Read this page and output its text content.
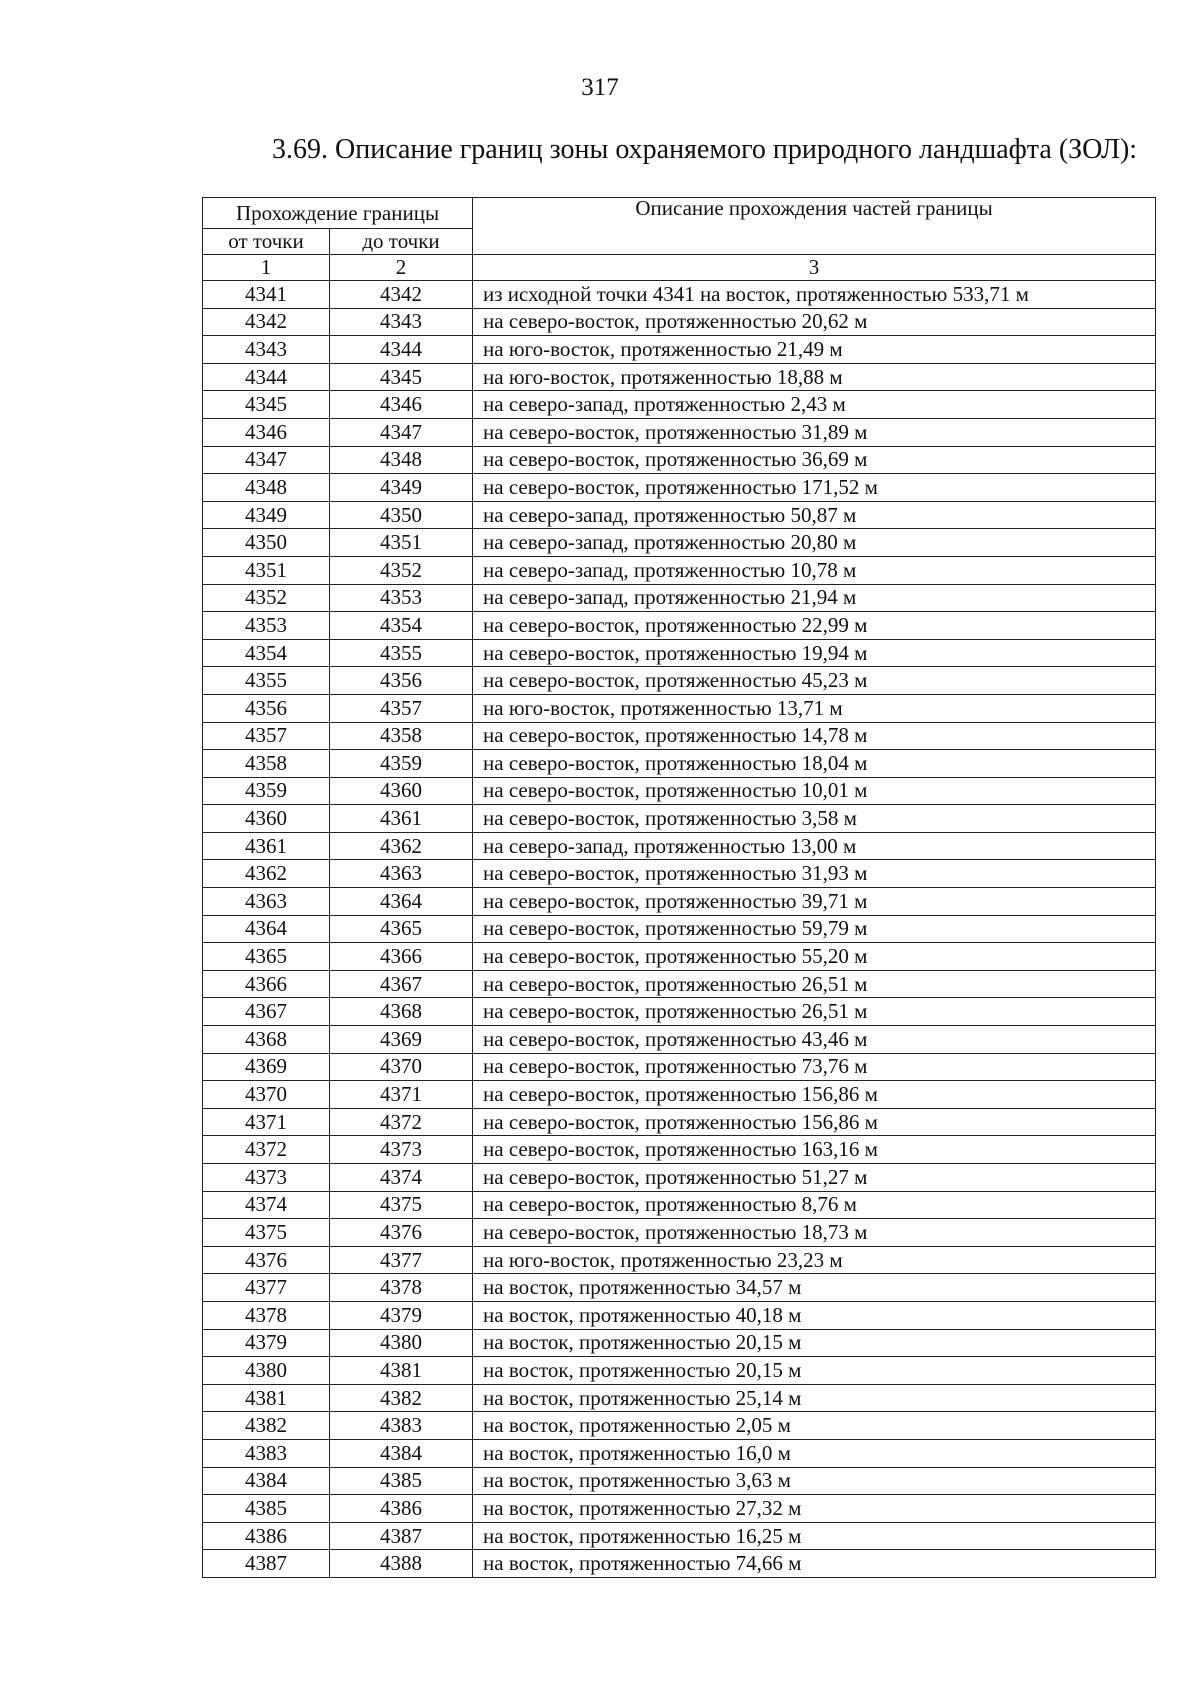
317
3.69. Описание границ зоны охраняемого природного ландшафта (ЗОЛ):
Прохождение границы		Описание прохождения частей границы
от точки	до точки	
1	2	3
4341	4342	из исходной точки 4341 на восток, протяженностью 533,71 м
4342	4343	на северо-восток, протяженностью 20,62 м
4343	4344	на юго-восток, протяженностью 21,49 м
4344	4345	на юго-восток, протяженностью 18,88 м
4345	4346	на северо-запад, протяженностью 2,43 м
4346	4347	на северо-восток, протяженностью 31,89 м
4347	4348	на северо-восток, протяженностью 36,69 м
4348	4349	на северо-восток, протяженностью 171,52 м
4349	4350	на северо-запад, протяженностью 50,87 м
4350	4351	на северо-запад, протяженностью 20,80 м
4351	4352	на северо-запад, протяженностью 10,78 м
4352	4353	на северо-запад, протяженностью 21,94 м
4353	4354	на северо-восток, протяженностью 22,99 м
4354	4355	на северо-восток, протяженностью 19,94 м
4355	4356	на северо-восток, протяженностью 45,23 м
4356	4357	на юго-восток, протяженностью 13,71 м
4357	4358	на северо-восток, протяженностью 14,78 м
4358	4359	на северо-восток, протяженностью 18,04 м
4359	4360	на северо-восток, протяженностью 10,01 м
4360	4361	на северо-восток, протяженностью 3,58 м
4361	4362	на северо-запад, протяженностью 13,00 м
4362	4363	на северо-восток, протяженностью 31,93 м
4363	4364	на северо-восток, протяженностью 39,71 м
4364	4365	на северо-восток, протяженностью 59,79 м
4365	4366	на северо-восток, протяженностью 55,20 м
4366	4367	на северо-восток, протяженностью 26,51 м
4367	4368	на северо-восток, протяженностью 26,51 м
4368	4369	на северо-восток, протяженностью 43,46 м
4369	4370	на северо-восток, протяженностью 73,76 м
4370	4371	на северо-восток, протяженностью 156,86 м
4371	4372	на северо-восток, протяженностью 156,86 м
4372	4373	на северо-восток, протяженностью 163,16 м
4373	4374	на северо-восток, протяженностью 51,27 м
4374	4375	на северо-восток, протяженностью 8,76 м
4375	4376	на северо-восток, протяженностью 18,73 м
4376	4377	на юго-восток, протяженностью 23,23 м
4377	4378	на восток, протяженностью 34,57 м
4378	4379	на восток, протяженностью 40,18 м
4379	4380	на восток, протяженностью 20,15 м
4380	4381	на восток, протяженностью 20,15 м
4381	4382	на восток, протяженностью 25,14 м
4382	4383	на восток, протяженностью 2,05 м
4383	4384	на восток, протяженностью 16,0 м
4384	4385	на восток, протяженностью 3,63 м
4385	4386	на восток, протяженностью 27,32 м
4386	4387	на восток, протяженностью 16,25 м
4387	4388	на восток, протяженностью 74,66 м
